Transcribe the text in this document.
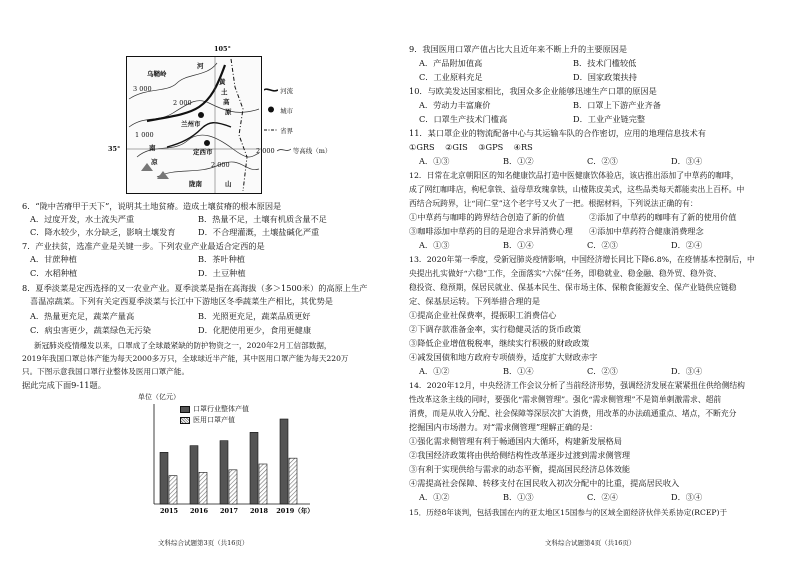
105°
35°
乌鞘岭
黄
土
高
原
兰州市
河
定西市
南
凉
陇南	山
3 000
2 000
1 000
2 000
河流
城市
省界
2 000	等高线（m）
6．“陇中苦瘠甲于天下”，说明其土地贫瘠。造成土壤贫瘠的根本原因是
A．过度开发，水土流失严重	B．热量不足，土壤有机质含量不足
C．降水较少，水分缺乏，影响土壤发育	D．不合理灌溉，土壤盐碱化严重
7．产业扶贫，选准产业是关键一步。下列农业产业最适合定西的是
A．甘蔗种植	B．茶叶种植
C．水稻种植	D．土豆种植
8．夏季淡菜是定西选择的又一农业产业。夏季淡菜是指在高海拔（多＞1500米）的高原上生产
喜温凉蔬菜。下列有关定西夏季淡菜与长江中下游地区冬季蔬菜生产相比，其优势是
A．热量更充足，蔬菜产量高	B．光照更充足，蔬菜品质更好
C．病虫害更少，蔬菜绿色无污染	D．化肥使用更少，食用更健康
新冠肺炎疫情爆发以来，口罩成了全球最紧缺的防护物资之一，2020年2月工信部数据，
2019年我国口罩总体产能为每天2000多万只，全球球近半产能，其中医用口罩产能为每天220万
只。下图示意我国口罩行业整体及医用口罩产能。
据此完成下面9-11题。
2015 2016 2017 2018 2019（年）
口罩行业整体产值
医用口罩产值
单位（亿元）
文科综合试题第3页（共16页）
9．我国医用口罩产值占比大且近年来不断上升的主要原因是
A．产品附加值高	B．技术门槛较低
C．工业原料充足	D．国家政策扶持
10．与欧美发达国家相比，我国众多企业能够迅速生产口罩的原因是
A．劳动力丰富廉价	B．口罩上下游产业齐备
C．口罩生产技术门槛高	D．工业产业链完整
11．某口罩企业的物流配备中心与其运输车队的合作密切，应用的地理信息技术有
①GRS    ②GIS    ③GPS    ④RS
A．①③	B．①②	C．②③	D．③④
12．日常在北京朝阳区的知名健康饮品打造中医健康饮体验店，该店推出添加了中草药的咖啡，
成了网红咖啡店，枸杞拿铁、益母草玫瑰拿铁，山楂陈皮美式，这些品类每天都能卖出上百杯。中
西结合玩跨界，让“同仁堂”这个老字号又火了一把。根据材料，下列说法正确的有：
①中草药与咖啡的跨界结合创造了新的价值	②添加了中草药的咖啡有了新的使用价值
③咖啡添加中草药的目的是迎合求异消费心理 ④添加中草药符合健康消费理念
A．①③	B．①④	C．②③	D．②④
13．2020年第一季度，受新冠肺炎疫情影响，中国经济增长同比下降6.8%，在疫情基本控制后，中
央提出扎实做好“六稳”工作，全面落实“六保”任务，即稳就业、稳金融、稳外贸、稳外资、
稳投资、稳预期，保居民就业、保基本民生、保市场主体、保粮食能源安全、保产业链供应链稳
定、保基层运转。下列举措合理的是
①提高企业社保费率，提振职工消费信心
②下调存款准备金率，实行稳健灵活的货币政策
③降低企业增值税税率，继续实行积极的财政政策
④减发国债和地方政府专项债券，适度扩大财政赤字
A．①②	B．①④	C．②③	D．③④
14．2020年12月，中央经济工作会议分析了当前经济形势，强调经济发展在紧紧扭住供给侧结构
性改革这条主线的同时，要强化“需求侧管理”。强化“需求侧管理”不是简单刺激需求、超前
消费，而是从收入分配、社会保障等深层次扩大消费，用改革的办法疏通重点、堵点，不断充分
挖掘国内市场潜力。对“需求侧管理”理解正确的是：
①强化需求侧管理有利于畅通国内大循环，构建新发展格局
②我国经济政策将由供给侧结构性改革逐步过渡到需求侧管理
③有利于实现供给与需求的动态平衡，提高国民经济总体效能
④需提高社会保障、转移支付在国民收入初次分配中的比重，提高居民收入
A．①②	B．①③	C．②④	D．③④
15．历经8年谈判，包括我国在内的亚太地区15国参与的区域全面经济伙伴关系协定(RCEP)于
文科综合试题第4页（共16页）
